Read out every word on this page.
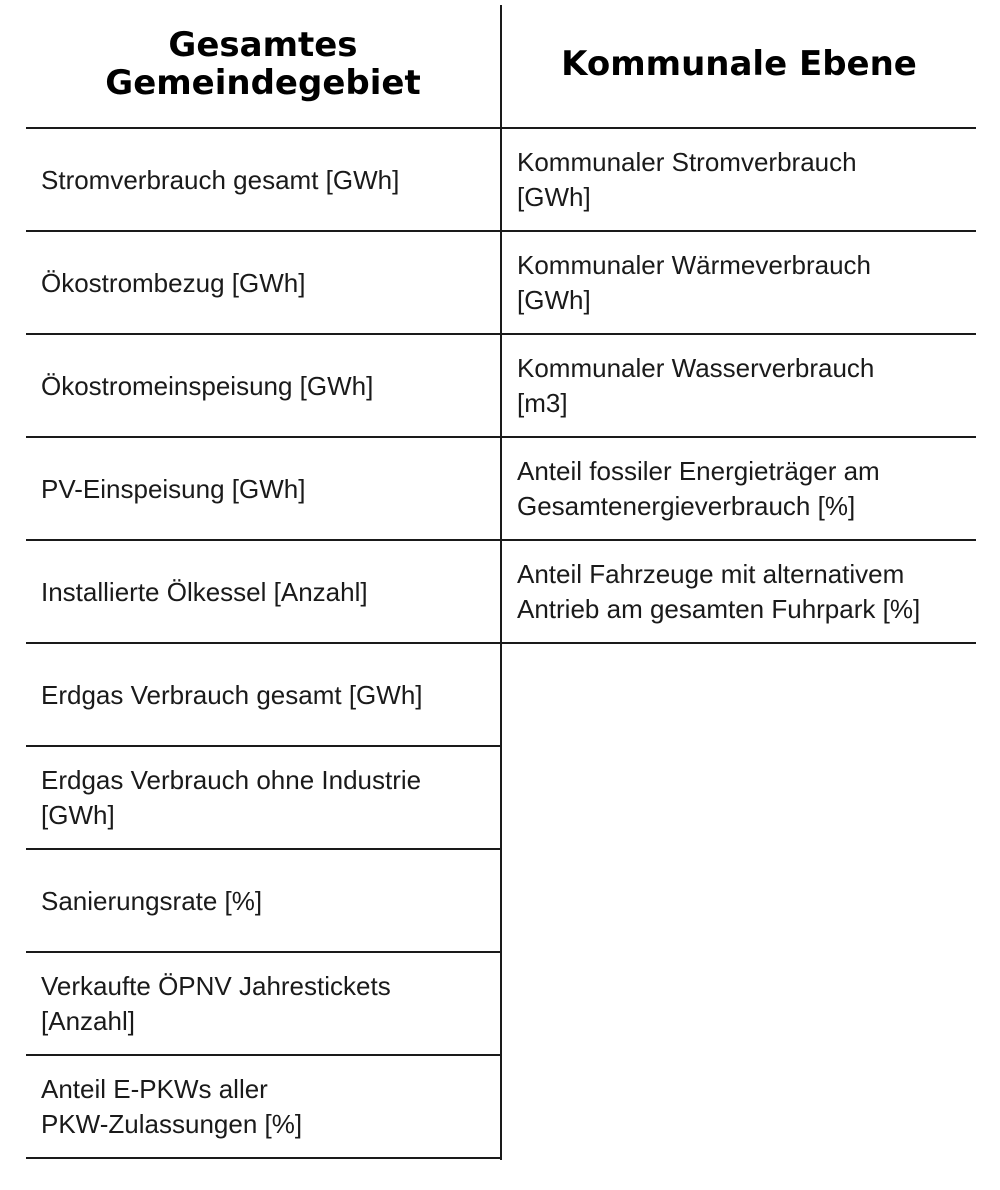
Gesamtes
Gemeindegebiet	Kommunale Ebene
Stromverbrauch gesamt [GWh]
Ökostrombezug [GWh]
Ökostromeinspeisung [GWh]
PV-Einspeisung [GWh]
Installierte Ölkessel [Anzahl]
Erdgas Verbrauch gesamt [GWh]
Erdgas Verbrauch ohne Industrie
[GWh]
Sanierungsrate [%]
Verkaufte ÖPNV Jahrestickets
[Anzahl]
Anteil E-PKWs aller
PKW-Zulassungen [%]
Kommunaler Stromverbrauch
[GWh]
Kommunaler Wärmeverbrauch
[GWh]
Kommunaler Wasserverbrauch
[m3]
Anteil fossiler Energieträger am
Gesamtenergieverbrauch [%]
Anteil Fahrzeuge mit alternativem
Antrieb am gesamten Fuhrpark [%]
